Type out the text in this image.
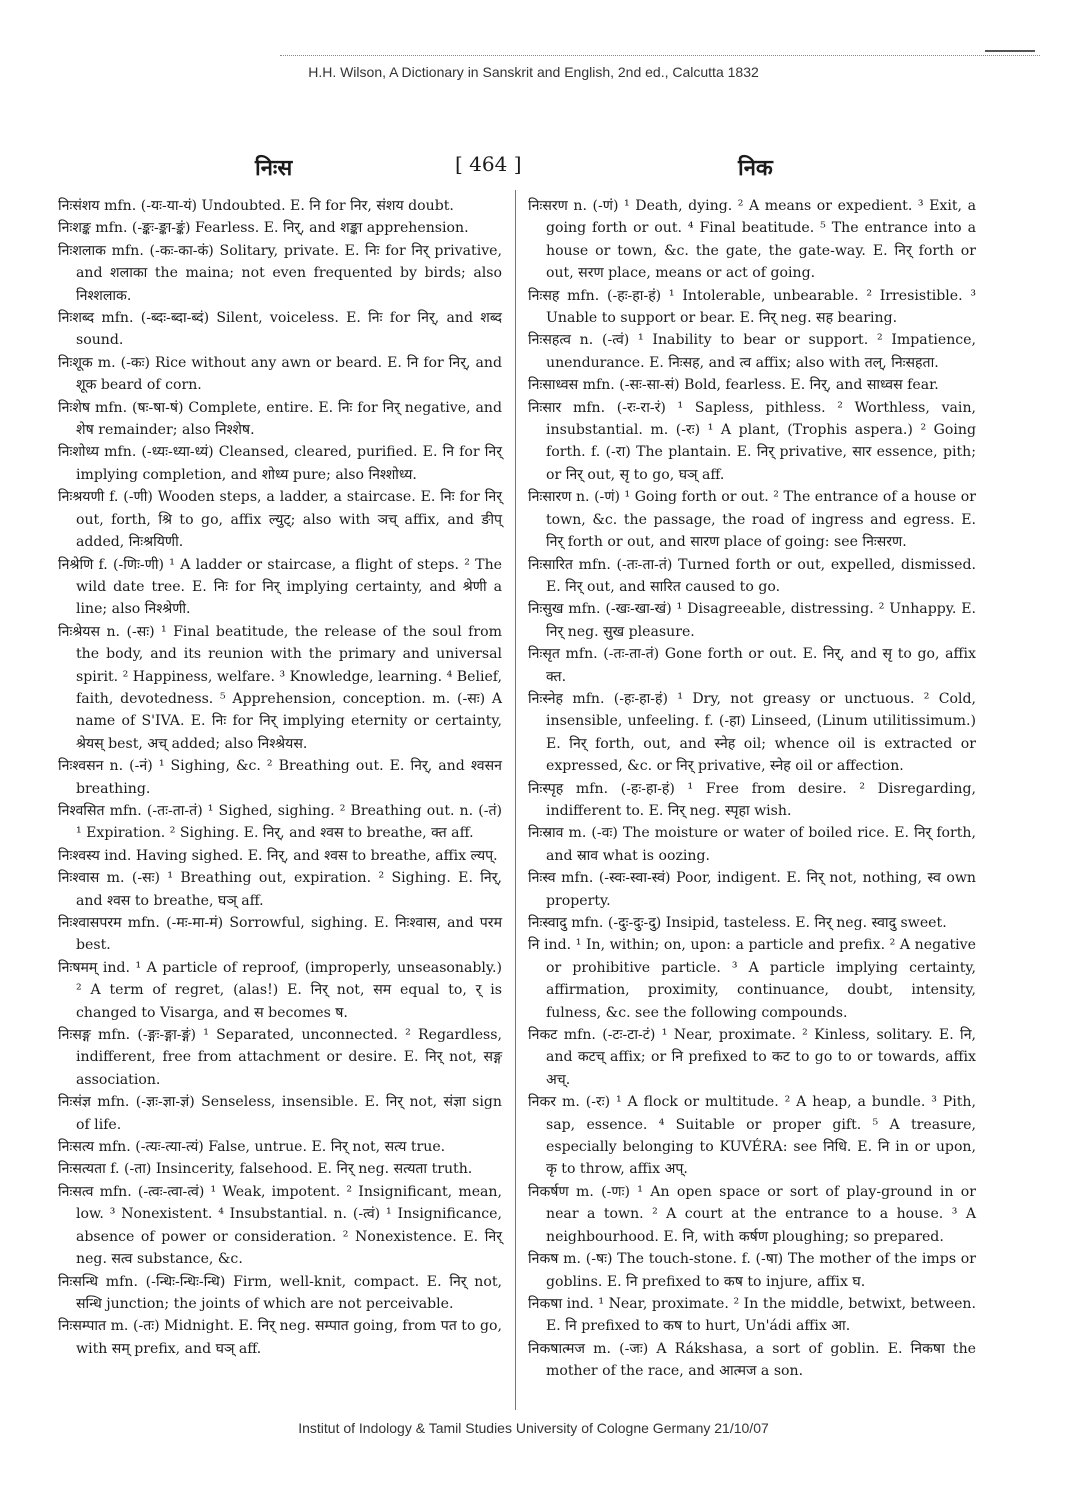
H.H. Wilson, A Dictionary in Sanskrit and English, 2nd ed., Calcutta 1832
निःस	[ 464 ]	निक

निःसंशय mfn. (-यः-या-यं) Undoubted. E. नि for निर, संशय doubt.

निःशङ्क mfn. (-ङ्कः-ङ्का-ङ्कं) Fearless. E. निर्, and शङ्का apprehension.

निःशलाक mfn. (-कः-का-कं) Solitary, private. E. निः for निर् privative, and शलाका the maina; not even frequented by birds; also निश्शलाक.

निःशब्द mfn. (-ब्दः-ब्दा-ब्दं) Silent, voiceless. E. निः for निर्, and शब्द sound.

निःशूक m. (-कः) Rice without any awn or beard. E. नि for निर्, and शूक beard of corn.

निःशेष mfn. (षः-षा-षं) Complete, entire. E. निः for निर् negative, and शेष remainder; also निश्शेष.

निःशोध्य mfn. (-ध्यः-ध्या-ध्यं) Cleansed, cleared, purified. E. नि for निर् implying completion, and शोध्य pure; also निश्शोध्य.

निःश्रयणी f. (-णी) Wooden steps, a ladder, a staircase. E. निः for निर् out, forth, श्रि to go, affix ल्युट्; also with ञच् affix, and ङीप् added, निःश्रयिणी.

निश्रेणि f. (-णिः-णी) ¹ A ladder or staircase, a flight of steps. ² The wild date tree. E. निः for निर् implying certainty, and श्रेणी a line; also निश्श्रेणी.

निःश्रेयस n. (-सः) ¹ Final beatitude, the release of the soul from the body, and its reunion with the primary and universal spirit. ² Happiness, welfare. ³ Knowledge, learning. ⁴ Belief, faith, devotedness. ⁵ Apprehension, conception. m. (-सः) A name of S'IVA. E. निः for निर् implying eternity or certainty, श्रेयस् best, अच् added; also निश्श्रेयस.

निःश्वसन n. (-नं) ¹ Sighing, &c. ² Breathing out. E. निर्, and श्वसन breathing.

निश्वसित mfn. (-तः-ता-तं) ¹ Sighed, sighing. ² Breathing out. n. (-तं) ¹ Expiration. ² Sighing. E. निर्, and श्वस to breathe, क्त aff.

निःश्वस्य ind. Having sighed. E. निर्, and श्वस to breathe, affix ल्यप्.

निःश्वास m. (-सः) ¹ Breathing out, expiration. ² Sighing. E. निर्, and श्वस to breathe, घञ् aff.

निःश्वासपरम mfn. (-मः-मा-मं) Sorrowful, sighing. E. निःश्वास, and परम best.

निःषमम् ind. ¹ A particle of reproof, (improperly, unseasonably.) ² A term of regret, (alas!) E. निर् not, सम equal to, र् is changed to Visarga, and स becomes ष.

निःसङ्ग mfn. (-ङ्गः-ङ्गा-ङ्गं) ¹ Separated, unconnected. ² Regardless, indifferent, free from attachment or desire. E. निर् not, सङ्ग association.

निःसंज्ञ mfn. (-ज्ञः-ज्ञा-ज्ञं) Senseless, insensible. E. निर् not, संज्ञा sign of life.

निःसत्य mfn. (-त्यः-त्या-त्यं) False, untrue. E. निर् not, सत्य true.

निःसत्यता f. (-ता) Insincerity, falsehood. E. निर् neg. सत्यता truth.

निःसत्व mfn. (-त्वः-त्वा-त्वं) ¹ Weak, impotent. ² Insignificant, mean, low. ³ Nonexistent. ⁴ Insubstantial. n. (-त्वं) ¹ Insignificance, absence of power or consideration. ² Nonexistence. E. निर् neg. सत्व substance, &c.

निःसन्धि mfn. (-न्धिः-न्धिः-न्धि) Firm, well-knit, compact. E. निर् not, सन्धि junction; the joints of which are not perceivable.

निःसम्पात m. (-तः) Midnight. E. निर् neg. सम्पात going, from पत to go, with सम् prefix, and घञ् aff.

निःसरण n. (-णं) ¹ Death, dying. ² A means or expedient. ³ Exit, a going forth or out. ⁴ Final beatitude. ⁵ The entrance into a house or town, &c. the gate, the gate-way. E. निर् forth or out, सरण place, means or act of going.

निःसह mfn. (-हः-हा-हं) ¹ Intolerable, unbearable. ² Irresistible. ³ Unable to support or bear. E. निर् neg. सह bearing.

निःसहत्व n. (-त्वं) ¹ Inability to bear or support. ² Impatience, unendurance. E. निःसह, and त्व affix; also with तल्, निःसहता.

निःसाध्वस mfn. (-सः-सा-सं) Bold, fearless. E. निर्, and साध्वस fear.

निःसार mfn. (-रः-रा-रं) ¹ Sapless, pithless. ² Worthless, vain, insubstantial. m. (-रः) ¹ A plant, (Trophis aspera.) ² Going forth. f. (-रा) The plantain. E. निर् privative, सार essence, pith; or निर् out, सृ to go, घञ् aff.

निःसारण n. (-णं) ¹ Going forth or out. ² The entrance of a house or town, &c. the passage, the road of ingress and egress. E. निर् forth or out, and सारण place of going: see निःसरण.

निःसारित mfn. (-तः-ता-तं) Turned forth or out, expelled, dismissed. E. निर् out, and सारित caused to go.

निःसुख mfn. (-खः-खा-खं) ¹ Disagreeable, distressing. ² Unhappy. E. निर् neg. सुख pleasure.

निःसृत mfn. (-तः-ता-तं) Gone forth or out. E. निर्, and सृ to go, affix क्त.

निःस्नेह mfn. (-हः-हा-हं) ¹ Dry, not greasy or unctuous. ² Cold, insensible, unfeeling. f. (-हा) Linseed, (Linum utilitissimum.) E. निर् forth, out, and स्नेह oil; whence oil is extracted or expressed, &c. or निर् privative, स्नेह oil or affection.

निःस्पृह mfn. (-हः-हा-हं) ¹ Free from desire. ² Disregarding, indifferent to. E. निर् neg. स्पृहा wish.

निःस्राव m. (-वः) The moisture or water of boiled rice. E. निर् forth, and स्राव what is oozing.

निःस्व mfn. (-स्वः-स्वा-स्वं) Poor, indigent. E. निर् not, nothing, स्व own property.

निःस्वादु mfn. (-दुः-दुः-दु) Insipid, tasteless. E. निर् neg. स्वादु sweet.

नि ind. ¹ In, within; on, upon: a particle and prefix. ² A negative or prohibitive particle. ³ A particle implying certainty, affirmation, proximity, continuance, doubt, intensity, fulness, &c. see the following compounds.

निकट mfn. (-टः-टा-टं) ¹ Near, proximate. ² Kinless, solitary. E. नि, and कटच् affix; or नि prefixed to कट to go to or towards, affix अच्.

निकर m. (-रः) ¹ A flock or multitude. ² A heap, a bundle. ³ Pith, sap, essence. ⁴ Suitable or proper gift. ⁵ A treasure, especially belonging to KUVÉRA: see निधि. E. नि in or upon, कृ to throw, affix अप्.

निकर्षण m. (-णः) ¹ An open space or sort of play-ground in or near a town. ² A court at the entrance to a house. ³ A neighbourhood. E. नि, with कर्षण ploughing; so prepared.

निकष m. (-षः) The touch-stone. f. (-षा) The mother of the imps or goblins. E. नि prefixed to कष to injure, affix घ.

निकषा ind. ¹ Near, proximate. ² In the middle, betwixt, between. E. नि prefixed to कष to hurt, Un'ádi affix आ.

निकषात्मज m. (-जः) A Rákshasa, a sort of goblin. E. निकषा the mother of the race, and आत्मज a son.

Institut of Indology & Tamil Studies University of Cologne Germany 21/10/07
